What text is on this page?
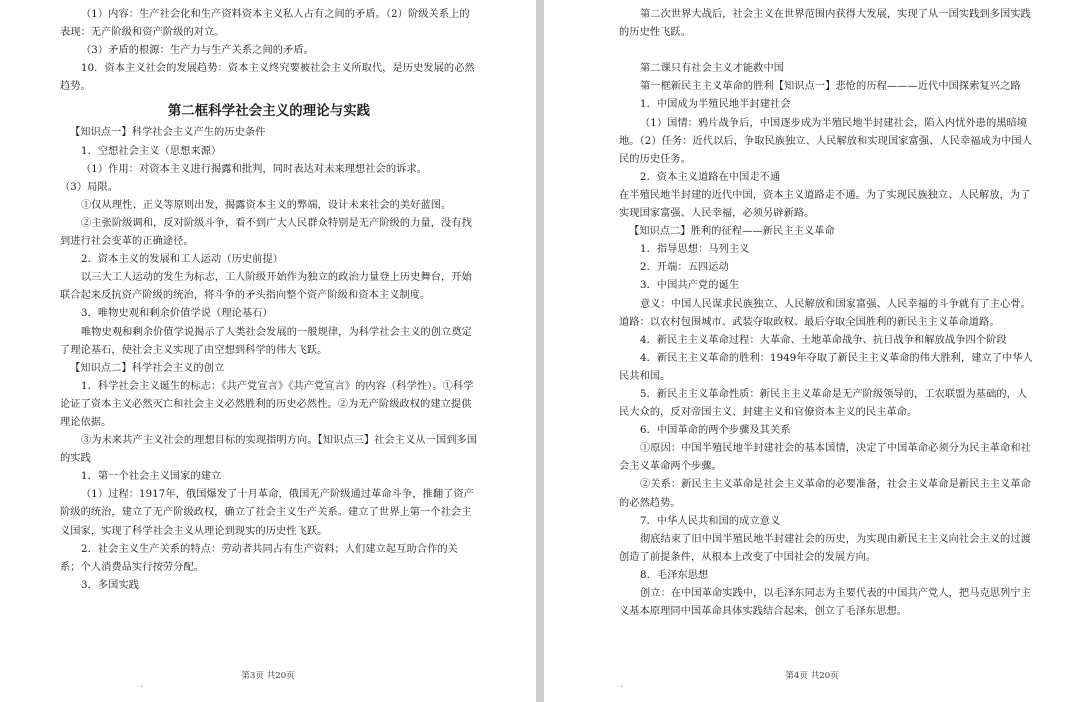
（1）内容：生产社会化和生产资料资本主义私人占有之间的矛盾。（2）阶级关系上的表现：无产阶级和资产阶级的对立。

（3）矛盾的根源：生产力与生产关系之间的矛盾。

10．资本主义社会的发展趋势：资本主义终究要被社会主义所取代，是历史发展的必然趋势。

第二框科学社会主义的理论与实践

【知识点一】科学社会主义产生的历史条件

1．空想社会主义（思想来源）

（1）作用：对资本主义进行揭露和批判，同时表达对未来理想社会的诉求。

（3）局限。

①仅从理性、正义等原则出发，揭露资本主义的弊端，设计未来社会的美好蓝图。

②主张阶级调和，反对阶级斗争，看不到广大人民群众特别是无产阶级的力量，没有找到进行社会变革的正确途径。

2．资本主义的发展和工人运动（历史前提）

以三大工人运动的发生为标志，工人阶级开始作为独立的政治力量登上历史舞台，开始联合起来反抗资产阶级的统治，将斗争的矛头指向整个资产阶级和资本主义制度。

3．唯物史观和剩余价值学说（理论基石）

唯物史观和剩余价值学说揭示了人类社会发展的一般规律，为科学社会主义的创立奠定了理论基石，使社会主义实现了由空想到科学的伟大飞跃。

【知识点二】科学社会主义的创立

1．科学社会主义诞生的标志：《共产党宣言》《共产党宣言》的内容（科学性）。①科学论证了资本主义必然灭亡和社会主义必然胜利的历史必然性。②为无产阶级政权的建立提供理论依据。

③为未来共产主义社会的理想目标的实现指明方向。【知识点三】社会主义从一国到多国的实践

1．第一个社会主义国家的建立

（1）过程：1917年，俄国爆发了十月革命，俄国无产阶级通过革命斗争，推翻了资产阶级的统治，建立了无产阶级政权，确立了社会主义生产关系。建立了世界上第一个社会主义国家，实现了科学社会主义从理论到现实的历史性飞跃。

2．社会主义生产关系的特点：劳动者共同占有生产资料；人们建立起互助合作的关系；个人消费品实行按劳分配。

3．多国实践

第3页 共20页
ʼ

第二次世界大战后，社会主义在世界范围内获得大发展，实现了从一国实践到多国实践的历史性飞跃。

第二课只有社会主义才能救中国

第一框新民主主义革命的胜利【知识点一】悲怆的历程———近代中国探索复兴之路

1．中国成为半殖民地半封建社会

（1）国情：鸦片战争后，中国逐步成为半殖民地半封建社会，陷入内忧外患的黑暗境地。（2）任务：近代以后，争取民族独立、人民解放和实现国家富强、人民幸福成为中国人民的历史任务。

2．资本主义道路在中国走不通

在半殖民地半封建的近代中国，资本主义道路走不通。为了实现民族独立、人民解放，为了实现国家富强、人民幸福，必须另辟新路。

【知识点二】胜利的征程——新民主主义革命

1．指导思想：马列主义

2．开端：五四运动

3．中国共产党的诞生

意义：中国人民谋求民族独立、人民解放和国家富强、人民幸福的斗争就有了主心骨。道路：以农村包围城市、武装夺取政权、最后夺取全国胜利的新民主主义革命道路。

4．新民主主义革命过程：大革命、土地革命战争、抗日战争和解放战争四个阶段

4．新民主主义革命的胜利：1949年夺取了新民主主义革命的伟大胜利，建立了中华人民共和国。

5．新民主主义革命性质：新民主主义革命是无产阶级领导的，工农联盟为基础的，人民大众的，反对帝国主义、封建主义和官僚资本主义的民主革命。

6．中国革命的两个步骤及其关系

①原因：中国半殖民地半封建社会的基本国情，决定了中国革命必须分为民主革命和社会主义革命两个步骤。

②关系：新民主主义革命是社会主义革命的必要准备，社会主义革命是新民主主义革命的必然趋势。

7．中华人民共和国的成立意义

彻底结束了旧中国半殖民地半封建社会的历史，为实现由新民主主义向社会主义的过渡创造了前提条件，从根本上改变了中国社会的发展方向。

8．毛泽东思想

创立：在中国革命实践中，以毛泽东同志为主要代表的中国共产党人，把马克思列宁主义基本原理同中国革命具体实践结合起来，创立了毛泽东思想。

第4页 共20页
ʼ
